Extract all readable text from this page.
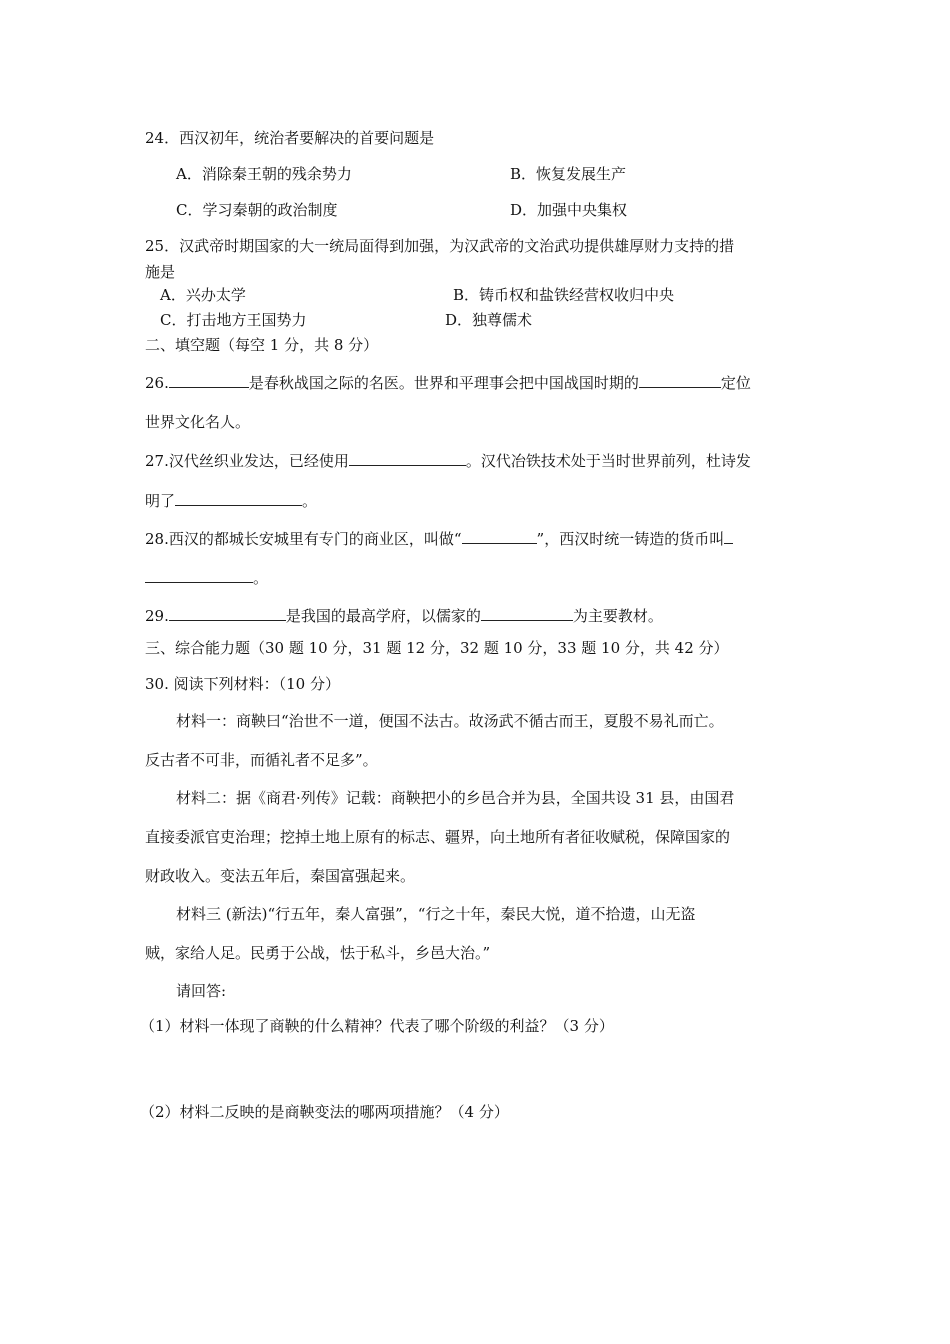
24．西汉初年，统治者要解决的首要问题是
A．消除秦王朝的残余势力	B．恢复发展生产
C．学习秦朝的政治制度	D．加强中央集权
25．汉武帝时期国家的大一统局面得到加强，为汉武帝的文治武功提供雄厚财力支持的措
施是
A．兴办太学	B．铸币权和盐铁经营权收归中央
C．打击地方王国势力	D．独尊儒术
二、填空题（每空 1 分，共 8 分）
26.	是春秋战国之际的名医。世界和平理事会把中国战国时期的	定位
世界文化名人。
27.汉代丝织业发达，已经使用	。汉代冶铁技术处于当时世界前列，杜诗发
明了	。
28.西汉的都城长安城里有专门的商业区，叫做“	”，西汉时统一铸造的货币叫
。
29.	是我国的最高学府，以儒家的	为主要教材。
三、综合能力题（30 题 10 分，31 题 12 分，32 题 10 分，33 题 10 分，共 42 分）
30. 阅读下列材料：（10 分）
材料一：商鞅曰“治世不一道，便国不法古。故汤武不循古而王，夏殷不易礼而亡。
反古者不可非，而循礼者不足多”。
材料二：据《商君·列传》记载：商鞅把小的乡邑合并为县，全国共设 31 县，由国君
直接委派官吏治理；挖掉土地上原有的标志、疆界，向土地所有者征收赋税，保障国家的
财政收入。变法五年后，秦国富强起来。
材料三 (新法)“行五年，秦人富强”，“行之十年，秦民大悦，道不拾遗，山无盗
贼，家给人足。民勇于公战，怯于私斗，乡邑大治。”
请回答:
（1）材料一体现了商鞅的什么精神？代表了哪个阶级的利益？（3 分）
（2）材料二反映的是商鞅变法的哪两项措施？（4 分）
